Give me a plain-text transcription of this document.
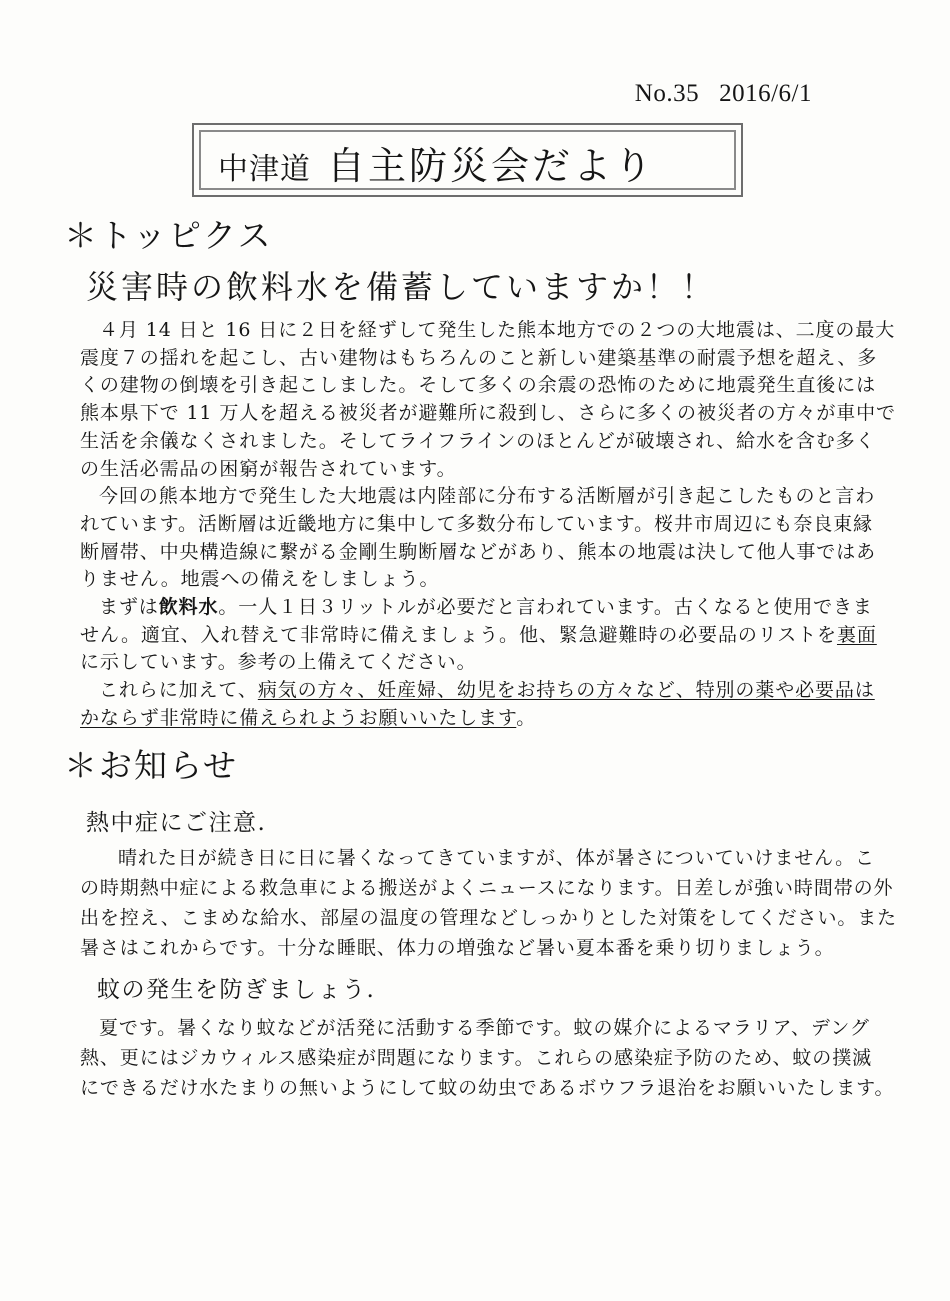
No.35 2016/6/1
中津道 自主防災会だより
＊トッピクス
災害時の飲料水を備蓄していますか！！
４月 14 日と 16 日に２日を経ずして発生した熊本地方での２つの大地震は、二度の最大
震度７の揺れを起こし、古い建物はもちろんのこと新しい建築基準の耐震予想を超え、多
くの建物の倒壊を引き起こしました。そして多くの余震の恐怖のために地震発生直後には
熊本県下で 11 万人を超える被災者が避難所に殺到し、さらに多くの被災者の方々が車中で
生活を余儀なくされました。そしてライフラインのほとんどが破壊され、給水を含む多く
の生活必需品の困窮が報告されています。
今回の熊本地方で発生した大地震は内陸部に分布する活断層が引き起こしたものと言わ
れています。活断層は近畿地方に集中して多数分布しています。桜井市周辺にも奈良東縁
断層帯、中央構造線に繋がる金剛生駒断層などがあり、熊本の地震は決して他人事ではあ
りません。地震への備えをしましょう。
まずは飲料水。一人１日３リットルが必要だと言われています。古くなると使用できま
せん。適宜、入れ替えて非常時に備えましょう。他、緊急避難時の必要品のリストを裏面
に示しています。参考の上備えてください。
これらに加えて、病気の方々、妊産婦、幼児をお持ちの方々など、特別の薬や必要品は
かならず非常時に備えられようお願いいたします。
＊お知らせ
熱中症にご注意.
晴れた日が続き日に日に暑くなってきていますが、体が暑さについていけません。こ
の時期熱中症による救急車による搬送がよくニュースになります。日差しが強い時間帯の外
出を控え、こまめな給水、部屋の温度の管理などしっかりとした対策をしてください。また
暑さはこれからです。十分な睡眠、体力の増強など暑い夏本番を乗り切りましょう。
蚊の発生を防ぎましょう.
夏です。暑くなり蚊などが活発に活動する季節です。蚊の媒介によるマラリア、デング
熱、更にはジカウィルス感染症が問題になります。これらの感染症予防のため、蚊の撲滅
にできるだけ水たまりの無いようにして蚊の幼虫であるボウフラ退治をお願いいたします。
